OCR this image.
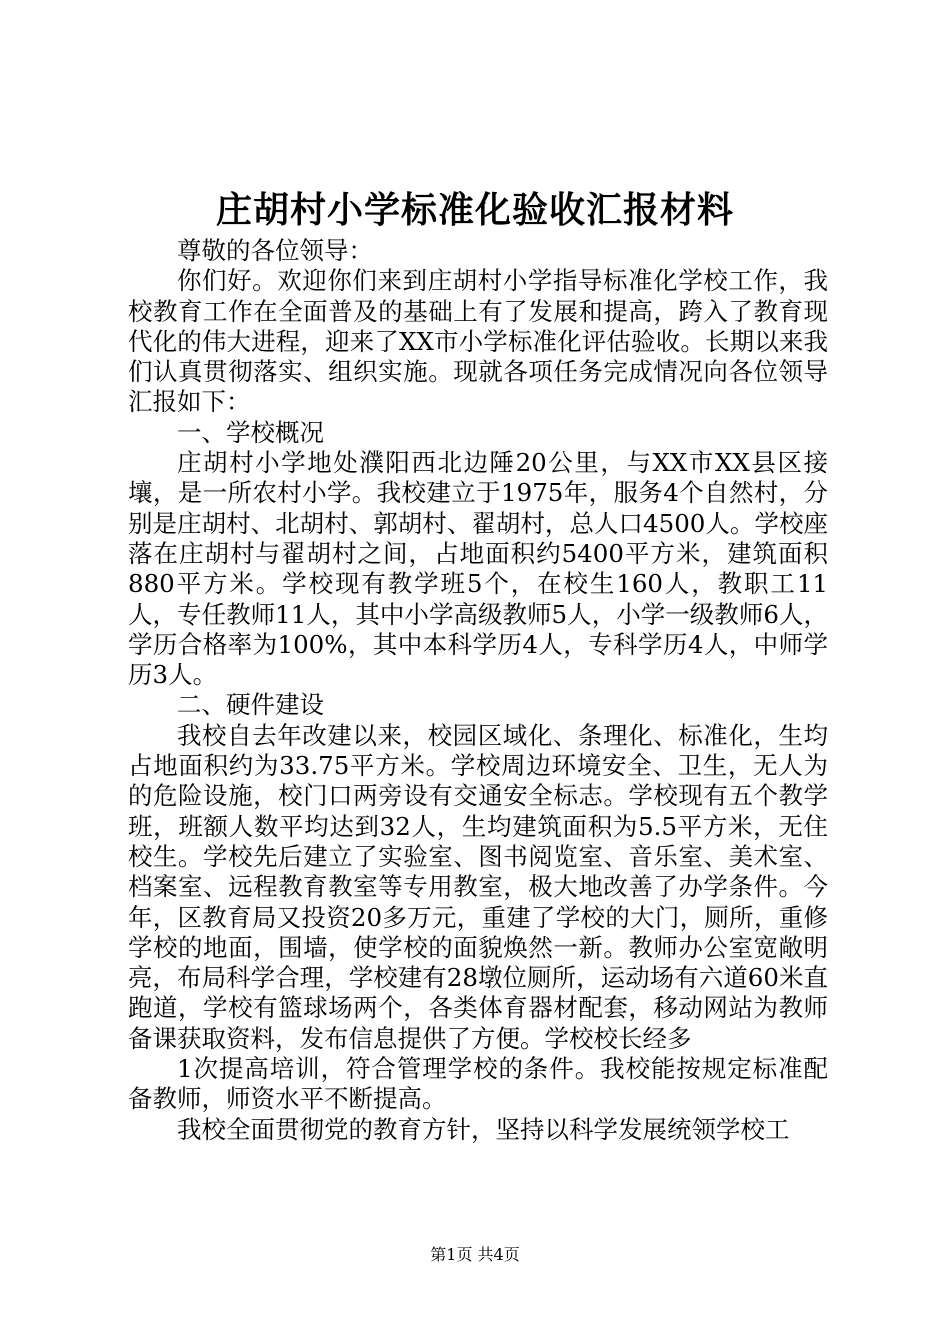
庄胡村小学标准化验收汇报材料

尊敬的各位领导：

你们好。欢迎你们来到庄胡村小学指导标准化学校工作，我校教育工作在全面普及的基础上有了发展和提高，跨入了教育现代化的伟大进程，迎来了XX市小学标准化评估验收。长期以来我们认真贯彻落实、组织实施。现就各项任务完成情况向各位领导汇报如下：

一、学校概况

庄胡村小学地处濮阳西北边陲20公里，与XX市XX县区接壤，是一所农村小学。我校建立于1975年，服务4个自然村，分别是庄胡村、北胡村、郭胡村、翟胡村，总人口4500人。学校座落在庄胡村与翟胡村之间，占地面积约5400平方米，建筑面积880平方米。学校现有教学班5个，在校生160人，教职工11人，专任教师11人，其中小学高级教师5人，小学一级教师6人，学历合格率为100%，其中本科学历4人，专科学历4人，中师学历3人。

二、硬件建设

我校自去年改建以来，校园区域化、条理化、标准化，生均占地面积约为33.75平方米。学校周边环境安全、卫生，无人为的危险设施，校门口两旁设有交通安全标志。学校现有五个教学班，班额人数平均达到32人，生均建筑面积为5.5平方米，无住校生。学校先后建立了实验室、图书阅览室、音乐室、美术室、档案室、远程教育教室等专用教室，极大地改善了办学条件。今年，区教育局又投资20多万元，重建了学校的大门，厕所，重修学校的地面，围墙，使学校的面貌焕然一新。教师办公室宽敞明亮，布局科学合理，学校建有28墩位厕所，运动场有六道60米直跑道，学校有篮球场两个，各类体育器材配套，移动网站为教师备课获取资料，发布信息提供了方便。学校校长经多

1次提高培训，符合管理学校的条件。我校能按规定标准配备教师，师资水平不断提高。

我校全面贯彻党的教育方针，坚持以科学发展统领学校工

第1页 共4页
